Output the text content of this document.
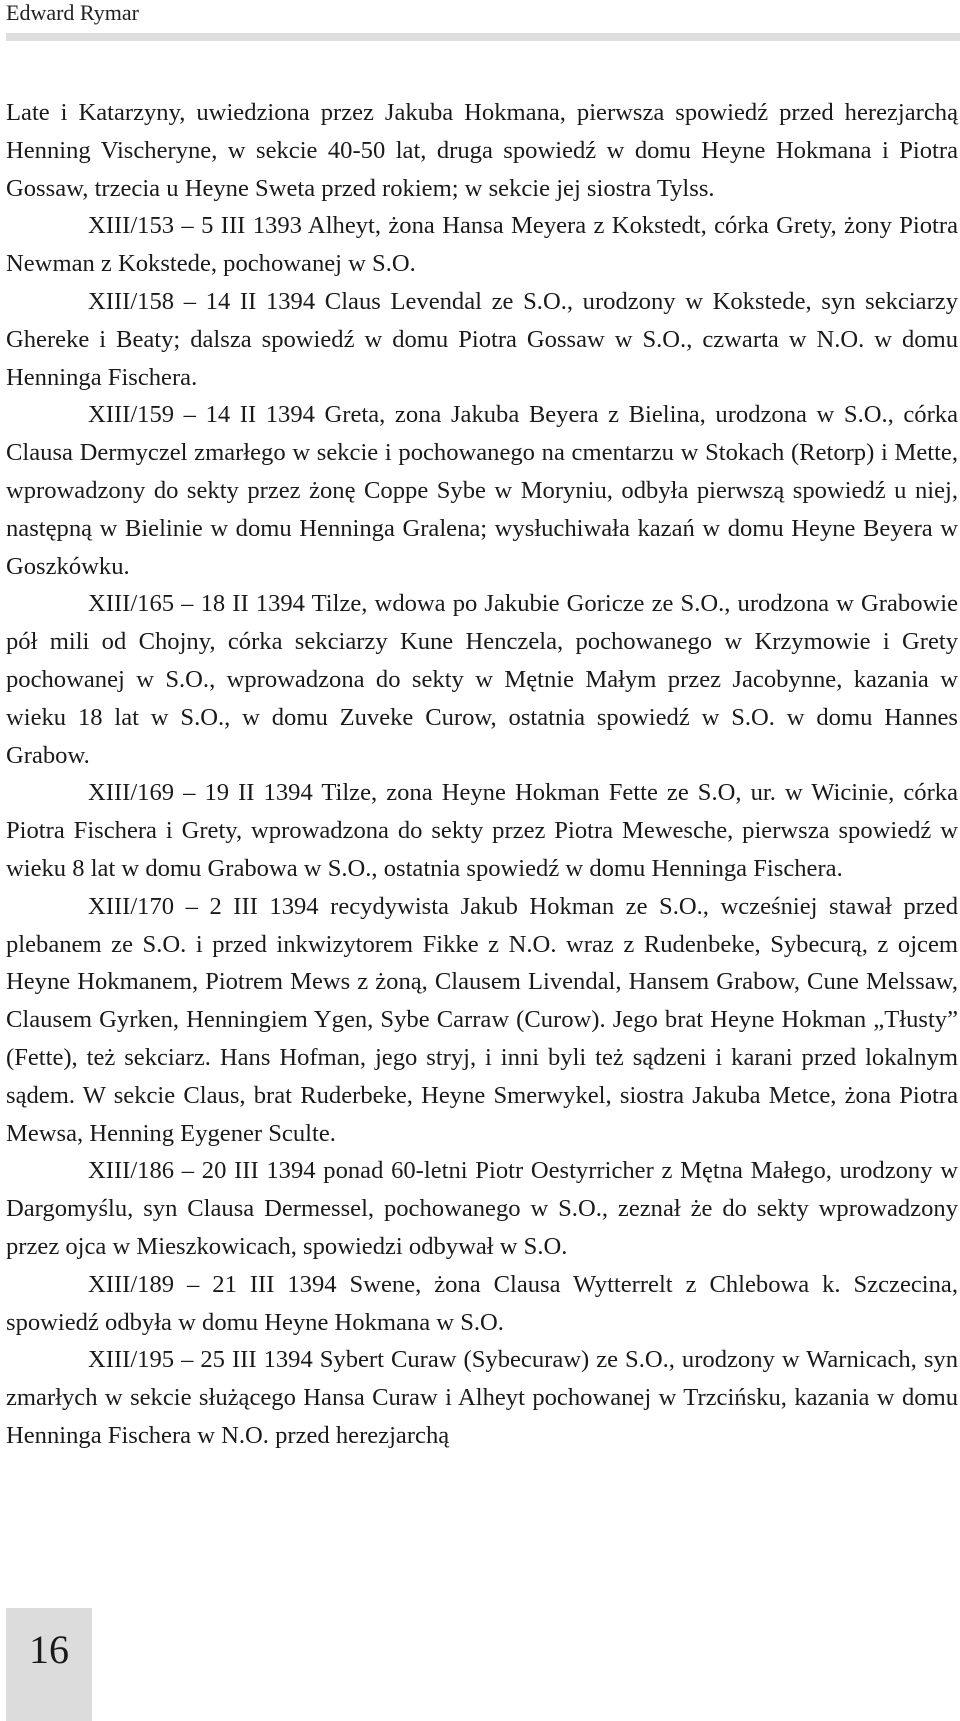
Edward Rymar

Late i Katarzyny, uwiedziona przez Jakuba Hokmana, pierwsza spowiedź przed herezjarchą Henning Vischeryne, w sekcie 40-50 lat, druga spowiedź w domu Heyne Hokmana i Piotra Gossaw, trzecia u Heyne Sweta przed rokiem; w sekcie jej siostra Tylss.

XIII/153 – 5 III 1393 Alheyt, żona Hansa Meyera z Kokstedt, córka Grety, żony Piotra Newman z Kokstede, pochowanej w S.O.

XIII/158 – 14 II 1394 Claus Levendal ze S.O., urodzony w Kokstede, syn sekciarzy Ghereke i Beaty; dalsza spowiedź w domu Piotra Gossaw w S.O., czwarta w N.O. w domu Henninga Fischera.

XIII/159 – 14 II 1394 Greta, zona Jakuba Beyera z Bielina, urodzona w S.O., córka Clausa Dermyczel zmarłego w sekcie i pochowanego na cmentarzu w Stokach (Retorp) i Mette, wprowadzony do sekty przez żonę Coppe Sybe w Moryniu, odbyła pierwszą spowiedź u niej, następną w Bielinie w domu Henninga Gralena; wysłuchiwała kazań w domu Heyne Beyera w Goszkówku.

XIII/165 – 18 II 1394 Tilze, wdowa po Jakubie Goricze ze S.O., urodzona w Grabowie pół mili od Chojny, córka sekciarzy Kune Henczela, pochowanego w Krzymowie i Grety pochowanej w S.O., wprowadzona do sekty w Mętnie Małym przez Jacobynne, kazania w wieku 18 lat w S.O., w domu Zuveke Curow, ostatnia spowiedź w S.O. w domu Hannes Grabow.

XIII/169 – 19 II 1394 Tilze, zona Heyne Hokman Fette ze S.O, ur. w Wicinie, córka Piotra Fischera i Grety, wprowadzona do sekty przez Piotra Mewesche, pierwsza spowiedź w wieku 8 lat w domu Grabowa w S.O., ostatnia spowiedź w domu Henninga Fischera.

XIII/170 – 2 III 1394 recydywista Jakub Hokman ze S.O., wcześniej stawał przed plebanem ze S.O. i przed inkwizytorem Fikke z N.O. wraz z Rudenbeke, Sybecurą, z ojcem Heyne Hokmanem, Piotrem Mews z żoną, Clausem Livendal, Hansem Grabow, Cune Melssaw, Clausem Gyrken, Henningiem Ygen, Sybe Carraw (Curow). Jego brat Heyne Hokman „Tłusty” (Fette), też sekciarz. Hans Hofman, jego stryj, i inni byli też sądzeni i karani przed lokalnym sądem. W sekcie Claus, brat Ruderbeke, Heyne Smerwykel, siostra Jakuba Metce, żona Piotra Mewsa, Henning Eygener Sculte.

XIII/186 – 20 III 1394 ponad 60-letni Piotr Oestyrricher z Mętna Małego, urodzony w Dargomyślu, syn Clausa Dermessel, pochowanego w S.O., zeznał że do sekty wprowadzony przez ojca w Mieszkowicach, spowiedzi odbywał w S.O.

XIII/189 – 21 III 1394 Swene, żona Clausa Wytterrelt z Chlebowa k. Szczecina, spowiedź odbyła w domu Heyne Hokmana w S.O.

XIII/195 – 25 III 1394 Sybert Curaw (Sybecuraw) ze S.O., urodzony w Warnicach, syn zmarłych w sekcie służącego Hansa Curaw i Alheyt pochowanej w Trzcińsku, kazania w domu Henninga Fischera w N.O. przed herezjarchą

16
